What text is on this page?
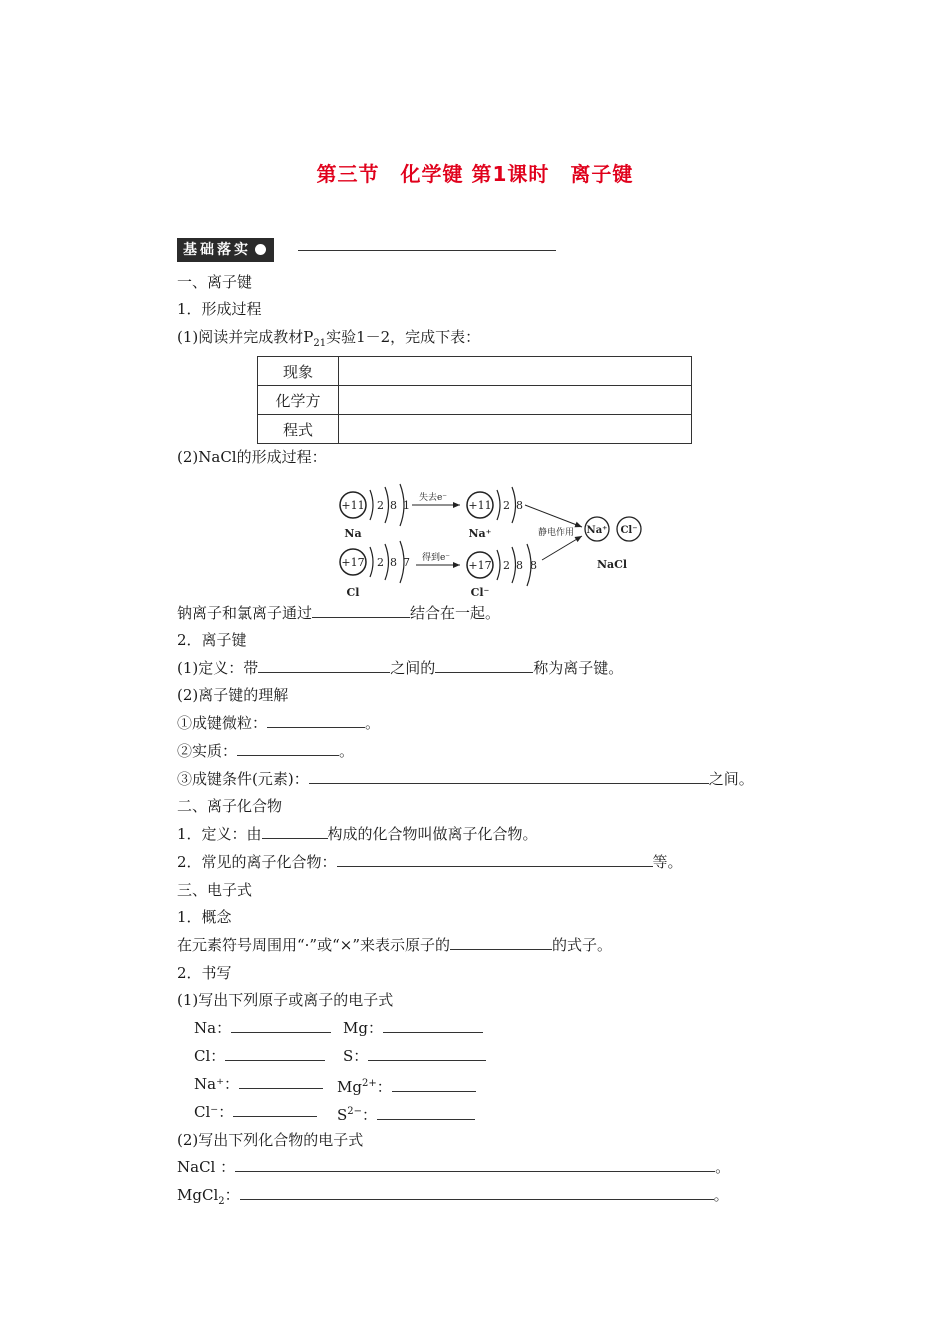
第三节　化学键 第1课时　离子键
基础落实
一、离子键
1．形成过程
(1)阅读并完成教材$P_{21}$实验1－2，完成下表：
现象	
化学方	
程式	
(2)NaCl的形成过程：
+11 2 8 1
Na
失去e⁻
+11 2 8
Na⁺
+17 2 8 7
Cl
得到e⁻
+17 2 8 8
Cl⁻
静电作用 Na⁺ Cl⁻
NaCl
钠离子和氯离子通过	结合在一起。
2．离子键
(1)定义：带	之间的	称为离子键。
(2)离子键的理解
①成键微粒：	。
②实质：	。
③成键条件(元素)：	之间。
二、离子化合物
1．定义：由	构成的化合物叫做离子化合物。
2．常见的离子化合物：	等。
三、电子式
1．概念
在元素符号周围用“·”或“×”来表示原子的	的式子。
2．书写
(1)写出下列原子或离子的电子式
Na：	Mg：
Cl：	S：
Na⁺：	$Mg^{2+}$：
Cl⁻：	$S^{2-}$：
(2)写出下列化合物的电子式
NaCl ：	。
MgCl$_2$：	。
